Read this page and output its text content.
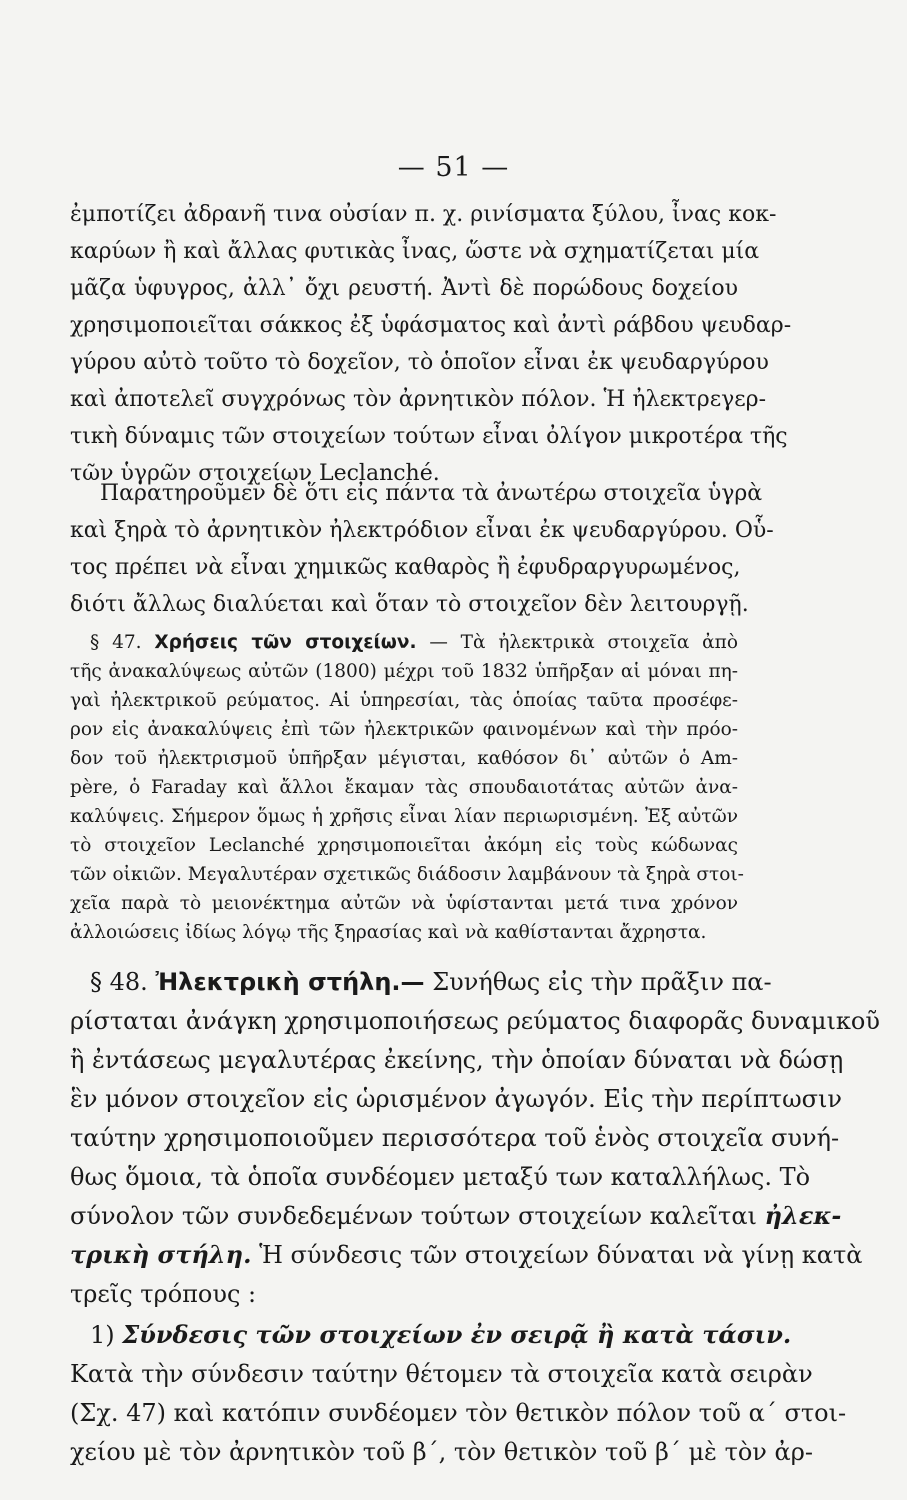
— 51 —
ἐμποτίζει ἀδρανῆ τινα οὐσίαν π. χ. ρινίσματα ξύλου, ἶνας κοκ-
καρύων ἢ καὶ ἄλλας φυτικὰς ἶνας, ὥστε νὰ σχηματίζεται μία
μᾶζα ὑφυγρος, ἀλλ᾽ ὄχι ρευστή. Ἀντὶ δὲ πορώδους δοχείου
χρησιμοποιεῖται σάκκος ἐξ ὑφάσματος καὶ ἀντὶ ράβδου ψευδαρ-
γύρου αὐτὸ τοῦτο τὸ δοχεῖον, τὸ ὁποῖον εἶναι ἐκ ψευδαργύρου
καὶ ἀποτελεῖ συγχρόνως τὸν ἀρνητικὸν πόλον. Ἡ ἠλεκτρεγερ-
τικὴ δύναμις τῶν στοιχείων τούτων εἶναι ὀλίγον μικροτέρα τῆς
τῶν ὑγρῶν στοιχείων Leclanché.
Παρατηροῦμεν δὲ ὅτι εἰς πάντα τὰ ἀνωτέρω στοιχεῖα ὑγρὰ
καὶ ξηρὰ τὸ ἀρνητικὸν ἠλεκτρόδιον εἶναι ἐκ ψευδαργύρου. Οὗ-
τος πρέπει νὰ εἶναι χημικῶς καθαρὸς ἢ ἐφυδραργυρωμένος,
διότι ἄλλως διαλύεται καὶ ὅταν τὸ στοιχεῖον δὲν λειτουργῇ.
§ 47. Χρήσεις τῶν στοιχείων. — Τὰ ἠλεκτρικὰ στοιχεῖα ἀπὸ
τῆς ἀνακαλύψεως αὐτῶν (1800) μέχρι τοῦ 1832 ὑπῆρξαν αἱ μόναι πη-
γαὶ ἠλεκτρικοῦ ρεύματος. Αἱ ὑπηρεσίαι, τὰς ὁποίας ταῦτα προσέφε-
ρον εἰς ἀνακαλύψεις ἐπὶ τῶν ἠλεκτρικῶν φαινομένων καὶ τὴν πρόο-
δον τοῦ ἠλεκτρισμοῦ ὑπῆρξαν μέγισται, καθόσον δι᾽ αὐτῶν ὁ Am-
père, ὁ Faraday καὶ ἄλλοι ἔκαμαν τὰς σπουδαιοτάτας αὐτῶν ἀνα-
καλύψεις. Σήμερον ὅμως ἡ χρῆσις εἶναι λίαν περιωρισμένη. Ἐξ αὐτῶν
τὸ στοιχεῖον Leclanché χρησιμοποιεῖται ἀκόμη εἰς τοὺς κώδωνας
τῶν οἰκιῶν. Μεγαλυτέραν σχετικῶς διάδοσιν λαμβάνουν τὰ ξηρὰ στοι-
χεῖα παρὰ τὸ μειονέκτημα αὐτῶν νὰ ὑφίστανται μετά τινα χρόνον
ἀλλοιώσεις ἰδίως λόγῳ τῆς ξηρασίας καὶ νὰ καθίστανται ἄχρηστα.
§ 48. Ἠλεκτρικὴ στήλη.— Συνήθως εἰς τὴν πρᾶξιν πα-
ρίσταται ἀνάγκη χρησιμοποιήσεως ρεύματος διαφορᾶς δυναμικοῦ
ἢ ἐντάσεως μεγαλυτέρας ἐκείνης, τὴν ὁποίαν δύναται νὰ δώσῃ
ἓν μόνον στοιχεῖον εἰς ὡρισμένον ἀγωγόν. Εἰς τὴν περίπτωσιν
ταύτην χρησιμοποιοῦμεν περισσότερα τοῦ ἑνὸς στοιχεῖα συνή-
θως ὅμοια, τὰ ὁποῖα συνδέομεν μεταξύ των καταλλήλως. Τὸ
σύνολον τῶν συνδεδεμένων τούτων στοιχείων καλεῖται ἠλεκ-
τρικὴ στήλη. Ἡ σύνδεσις τῶν στοιχείων δύναται νὰ γίνῃ κατὰ
τρεῖς τρόπους :
1) Σύνδεσις τῶν στοιχείων ἐν σειρᾷ ἢ κατὰ τάσιν.
Κατὰ τὴν σύνδεσιν ταύτην θέτομεν τὰ στοιχεῖα κατὰ σειρὰν
(Σχ. 47) καὶ κατόπιν συνδέομεν τὸν θετικὸν πόλον τοῦ α΄ στοι-
χείου μὲ τὸν ἀρνητικὸν τοῦ β΄, τὸν θετικὸν τοῦ β΄ μὲ τὸν ἀρ-
